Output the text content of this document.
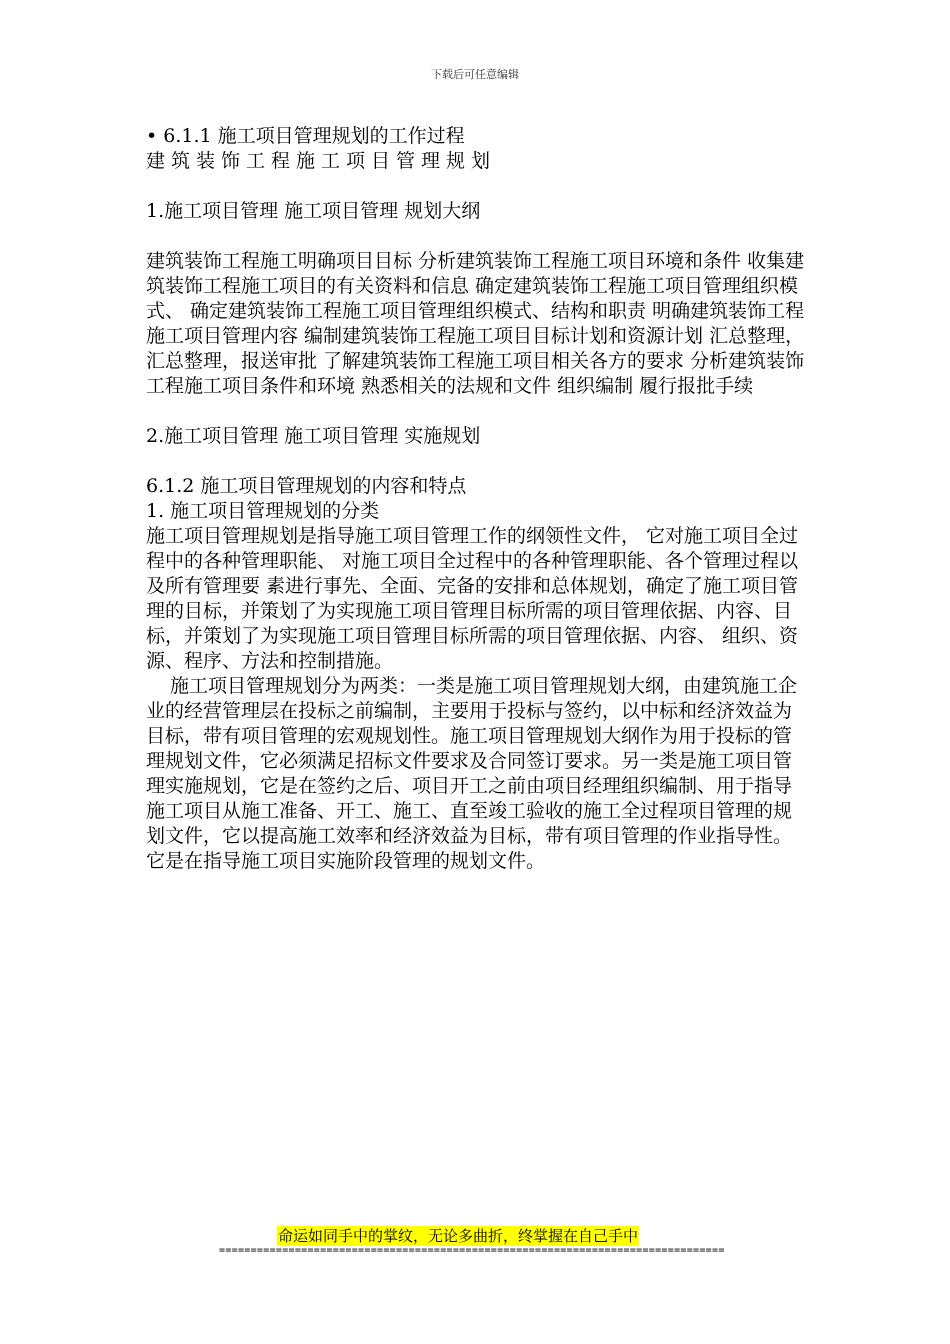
下载后可任意编辑

• 6.1.1 施工项目管理规划的工作过程

建筑装饰工程施工项目管理规划

1.施工项目管理 施工项目管理 规划大纲

建筑装饰工程施工明确项目目标 分析建筑装饰工程施工项目环境和条件 收集建筑装饰工程施工项目的有关资料和信息 确定建筑装饰工程施工项目管理组织模式、 确定建筑装饰工程施工项目管理组织模式、结构和职责 明确建筑装饰工程施工项目管理内容 编制建筑装饰工程施工项目目标计划和资源计划 汇总整理， 汇总整理，报送审批 了解建筑装饰工程施工项目相关各方的要求 分析建筑装饰工程施工项目条件和环境 熟悉相关的法规和文件 组织编制 履行报批手续

2.施工项目管理 施工项目管理 实施规划

6.1.2 施工项目管理规划的内容和特点

1. 施工项目管理规划的分类

施工项目管理规划是指导施工项目管理工作的纲领性文件， 它对施工项目全过程中的各种管理职能、 对施工项目全过程中的各种管理职能、各个管理过程以及所有管理要 素进行事先、全面、完备的安排和总体规划，确定了施工项目管理的目标，并策划了为实现施工项目管理目标所需的项目管理依据、内容、目标，并策划了为实现施工项目管理目标所需的项目管理依据、内容、 组织、资源、程序、方法和控制措施。

施工项目管理规划分为两类：一类是施工项目管理规划大纲，由建筑施工企业的经营管理层在投标之前编制，主要用于投标与签约，以中标和经济效益为目标，带有项目管理的宏观规划性。施工项目管理规划大纲作为用于投标的管理规划文件，它必须满足招标文件要求及合同签订要求。另一类是施工项目管理实施规划，它是在签约之后、项目开工之前由项目经理组织编制、用于指导施工项目从施工准备、开工、施工、直至竣工验收的施工全过程项目管理的规划文件，它以提高施工效率和经济效益为目标，带有项目管理的作业指导性。 它是在指导施工项目实施阶段管理的规划文件。

命运如同手中的掌纹，无论多曲折，终掌握在自己手中
================================================================================
